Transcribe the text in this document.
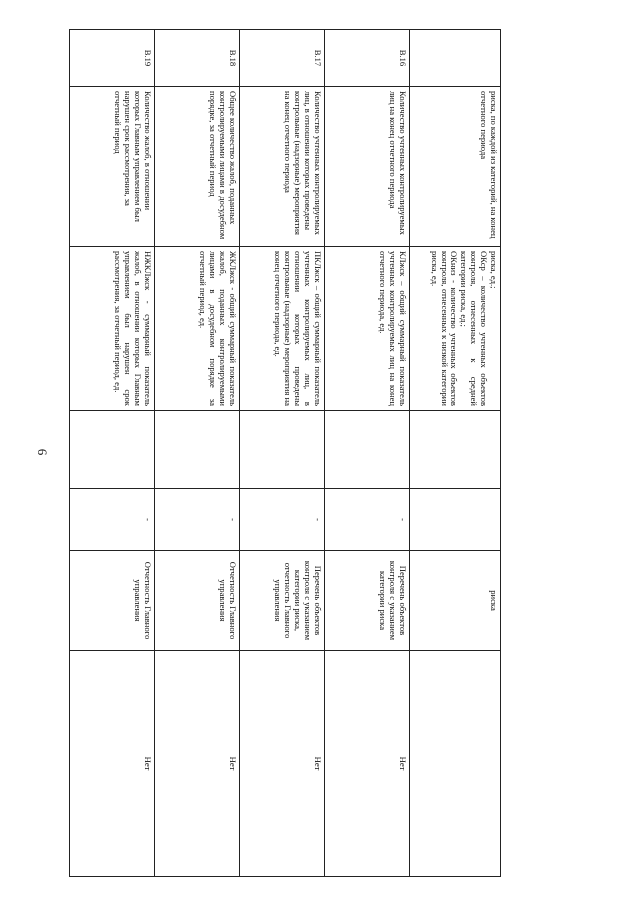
6
	риска, по каждой из категорий, на конец отчетного периода	риска, ед.;
ОКср – количество учтенных объектов контроля, отнесенных к средней категории риска, ед.;
ОКниз - количество учтенных объектов контроля, отнесенных к низкой категории риска, ед.			риска	
В.16	Количество учтенных контролируемых лиц на конец отчетного периода	КЛжск – общий суммарный показатель учтенных контролируемых лиц на конец отчетного периода, ед.		-	Перечень объектов контроля с указанием категории риска	Нет
В.17	Количество учтенных контролируемых лиц, в отношении которых проведены контрольные (надзорные) мероприятия на конец отчетного периода	ПКЛжск – общий суммарный показатель учтенных контролируемых лиц, в отношении которых проведены контрольные (надзорные) мероприятия на конец отчетного периода, ед.		-	Перечень объектов контроля с указанием категории риска, отчетность Главного управления	Нет
В.18	Общее количество жалоб, поданных контролируемыми лицами в досудебном порядке, за отчетный период	ЖКЛжск - общий суммарный показатель жалоб, поданных контролируемыми лицами в досудебном порядке за отчетный период, ед.		-	Отчетность Главного управления	Нет
В.19	Количество жалоб, в отношении которых Главным управлением был нарушен срок рассмотрения, за отчетный период	НЖКЛжск - суммарный показатель жалоб, в отношении которых Главным управлением был нарушен срок рассмотрения, за отчетный период, ед.		-	Отчетность Главного управления	Нет
